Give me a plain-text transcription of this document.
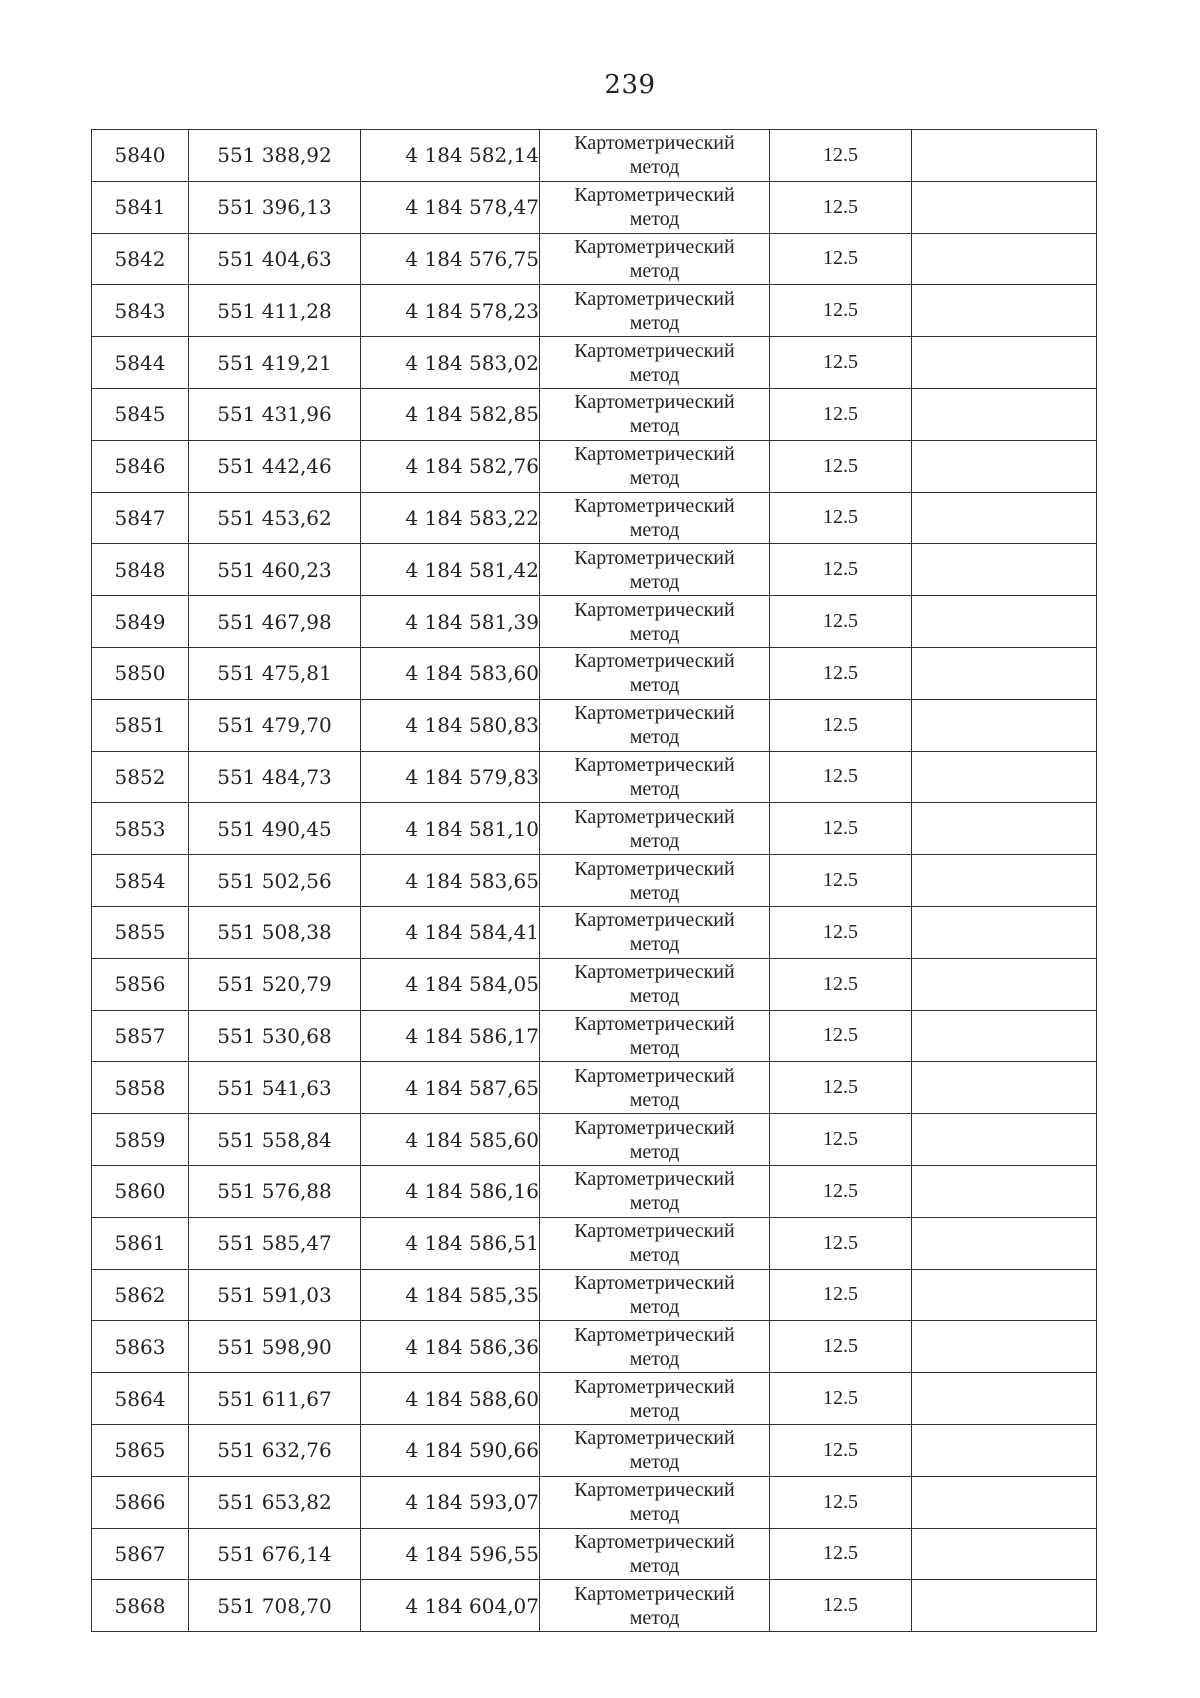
239
5840	551 388,92	4 184 582,14	Картометрический
метод	12.5	
5841	551 396,13	4 184 578,47	Картометрический
метод	12.5	
5842	551 404,63	4 184 576,75	Картометрический
метод	12.5	
5843	551 411,28	4 184 578,23	Картометрический
метод	12.5	
5844	551 419,21	4 184 583,02	Картометрический
метод	12.5	
5845	551 431,96	4 184 582,85	Картометрический
метод	12.5	
5846	551 442,46	4 184 582,76	Картометрический
метод	12.5	
5847	551 453,62	4 184 583,22	Картометрический
метод	12.5	
5848	551 460,23	4 184 581,42	Картометрический
метод	12.5	
5849	551 467,98	4 184 581,39	Картометрический
метод	12.5	
5850	551 475,81	4 184 583,60	Картометрический
метод	12.5	
5851	551 479,70	4 184 580,83	Картометрический
метод	12.5	
5852	551 484,73	4 184 579,83	Картометрический
метод	12.5	
5853	551 490,45	4 184 581,10	Картометрический
метод	12.5	
5854	551 502,56	4 184 583,65	Картометрический
метод	12.5	
5855	551 508,38	4 184 584,41	Картометрический
метод	12.5	
5856	551 520,79	4 184 584,05	Картометрический
метод	12.5	
5857	551 530,68	4 184 586,17	Картометрический
метод	12.5	
5858	551 541,63	4 184 587,65	Картометрический
метод	12.5	
5859	551 558,84	4 184 585,60	Картометрический
метод	12.5	
5860	551 576,88	4 184 586,16	Картометрический
метод	12.5	
5861	551 585,47	4 184 586,51	Картометрический
метод	12.5	
5862	551 591,03	4 184 585,35	Картометрический
метод	12.5	
5863	551 598,90	4 184 586,36	Картометрический
метод	12.5	
5864	551 611,67	4 184 588,60	Картометрический
метод	12.5	
5865	551 632,76	4 184 590,66	Картометрический
метод	12.5	
5866	551 653,82	4 184 593,07	Картометрический
метод	12.5	
5867	551 676,14	4 184 596,55	Картометрический
метод	12.5	
5868	551 708,70	4 184 604,07	Картометрический
метод	12.5	
